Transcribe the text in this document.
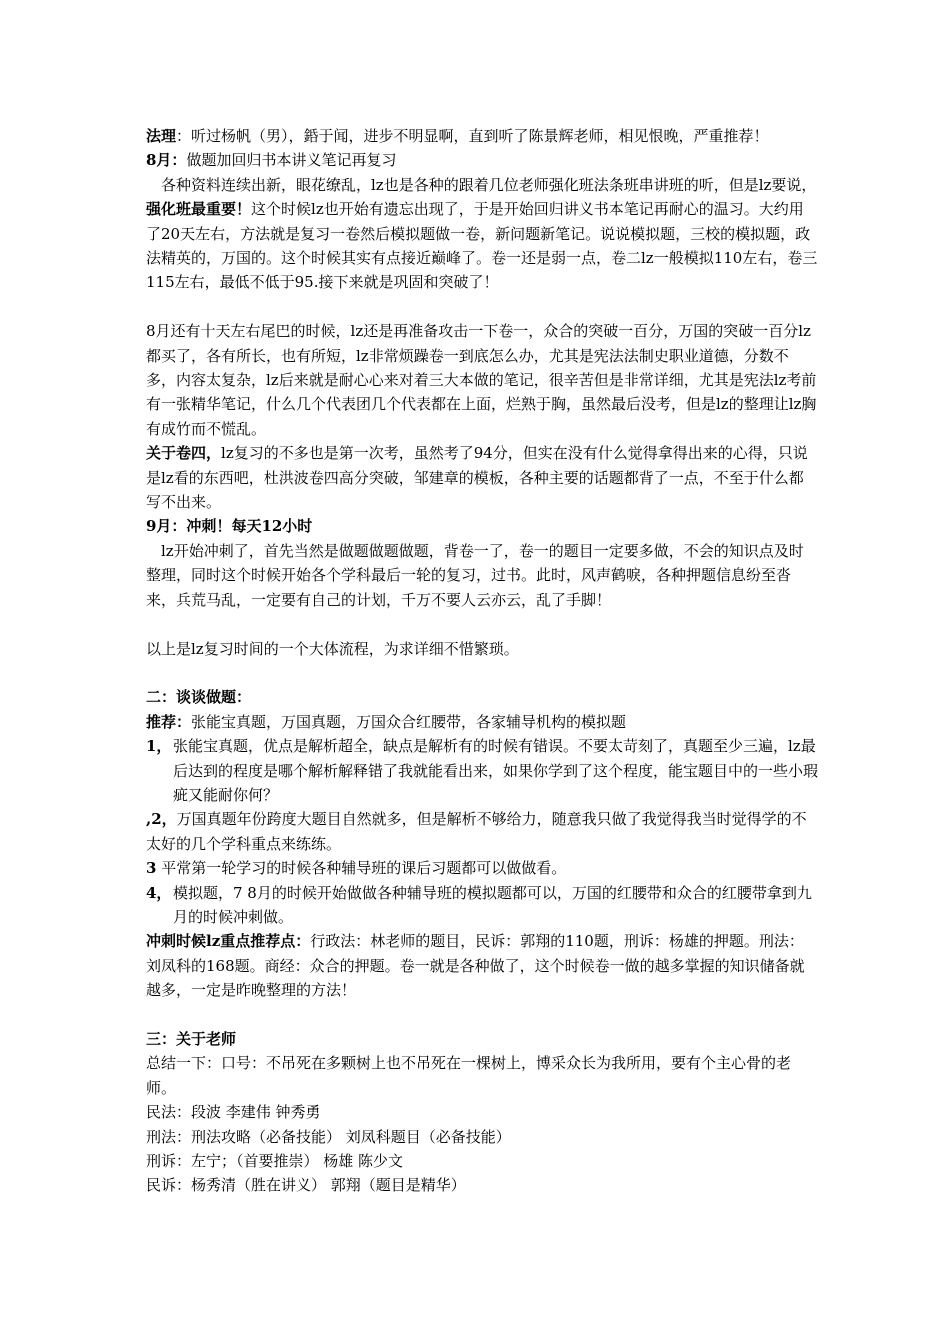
法理：听过杨帆（男），銽于闻，进步不明显啊，直到听了陈景辉老师，相见恨晚，严重推荐！

8月：做题加回归书本讲义笔记再复习

各种资料连续出新，眼花缭乱，lz也是各种的跟着几位老师强化班法条班串讲班的听，但是lz要说，强化班最重要！这个时候lz也开始有遗忘出现了，于是开始回归讲义书本笔记再耐心的温习。大约用了20天左右，方法就是复习一卷然后模拟题做一卷，新问题新笔记。说说模拟题，三校的模拟题，政法精英的，万国的。这个时候其实有点接近巅峰了。卷一还是弱一点，卷二lz一般模拟110左右，卷三115左右，最低不低于95.接下来就是巩固和突破了！

8月还有十天左右尾巴的时候，lz还是再准备攻击一下卷一，众合的突破一百分，万国的突破一百分lz都买了，各有所长，也有所短，lz非常烦躁卷一到底怎么办，尤其是宪法法制史职业道德，分数不多，内容太复杂，lz后来就是耐心心来对着三大本做的笔记，很辛苦但是非常详细，尤其是宪法lz考前有一张精华笔记，什么几个代表团几个代表都在上面，烂熟于胸，虽然最后没考，但是lz的整理让lz胸有成竹而不慌乱。

关于卷四，lz复习的不多也是第一次考，虽然考了94分，但实在没有什么觉得拿得出来的心得，只说是lz看的东西吧，杜洪波卷四高分突破，邹建章的模板，各种主要的话题都背了一点，不至于什么都写不出来。

9月：冲刺！每天12小时

lz开始冲刺了，首先当然是做题做题做题，背卷一了，卷一的题目一定要多做，不会的知识点及时整理，同时这个时候开始各个学科最后一轮的复习，过书。此时，风声鹤唳，各种押题信息纷至沓来，兵荒马乱，一定要有自己的计划，千万不要人云亦云，乱了手脚！

以上是lz复习时间的一个大体流程，为求详细不惜繁琐。

二：谈谈做题：

推荐：张能宝真题，万国真题，万国众合红腰带，各家辅导机构的模拟题

1， 张能宝真题，优点是解析超全，缺点是解析有的时候有错误。不要太苛刻了，真题至少三遍，lz最后达到的程度是哪个解析解释错了我就能看出来，如果你学到了这个程度，能宝题目中的一些小瑕疵又能耐你何？

,2，万国真题年份跨度大题目自然就多，但是解析不够给力，随意我只做了我觉得我当时觉得学的不太好的几个学科重点来练练。

3 平常第一轮学习的时候各种辅导班的课后习题都可以做做看。

4， 模拟题，7 8月的时候开始做做各种辅导班的模拟题都可以，万国的红腰带和众合的红腰带拿到九月的时候冲刺做。

冲刺时候lz重点推荐点：行政法：林老师的题目，民诉：郭翔的110题，刑诉：杨雄的押题。刑法：刘凤科的168题。商经：众合的押题。卷一就是各种做了，这个时候卷一做的越多掌握的知识储备就越多，一定是昨晚整理的方法！

三：关于老师

总结一下：口号：不吊死在多颗树上也不吊死在一棵树上，博采众长为我所用，要有个主心骨的老师。

民法：段波 李建伟 钟秀勇

刑法：刑法攻略（必备技能） 刘凤科题目（必备技能）

刑诉：左宁；（首要推崇） 杨雄 陈少文

民诉：杨秀清（胜在讲义） 郭翔（题目是精华）
